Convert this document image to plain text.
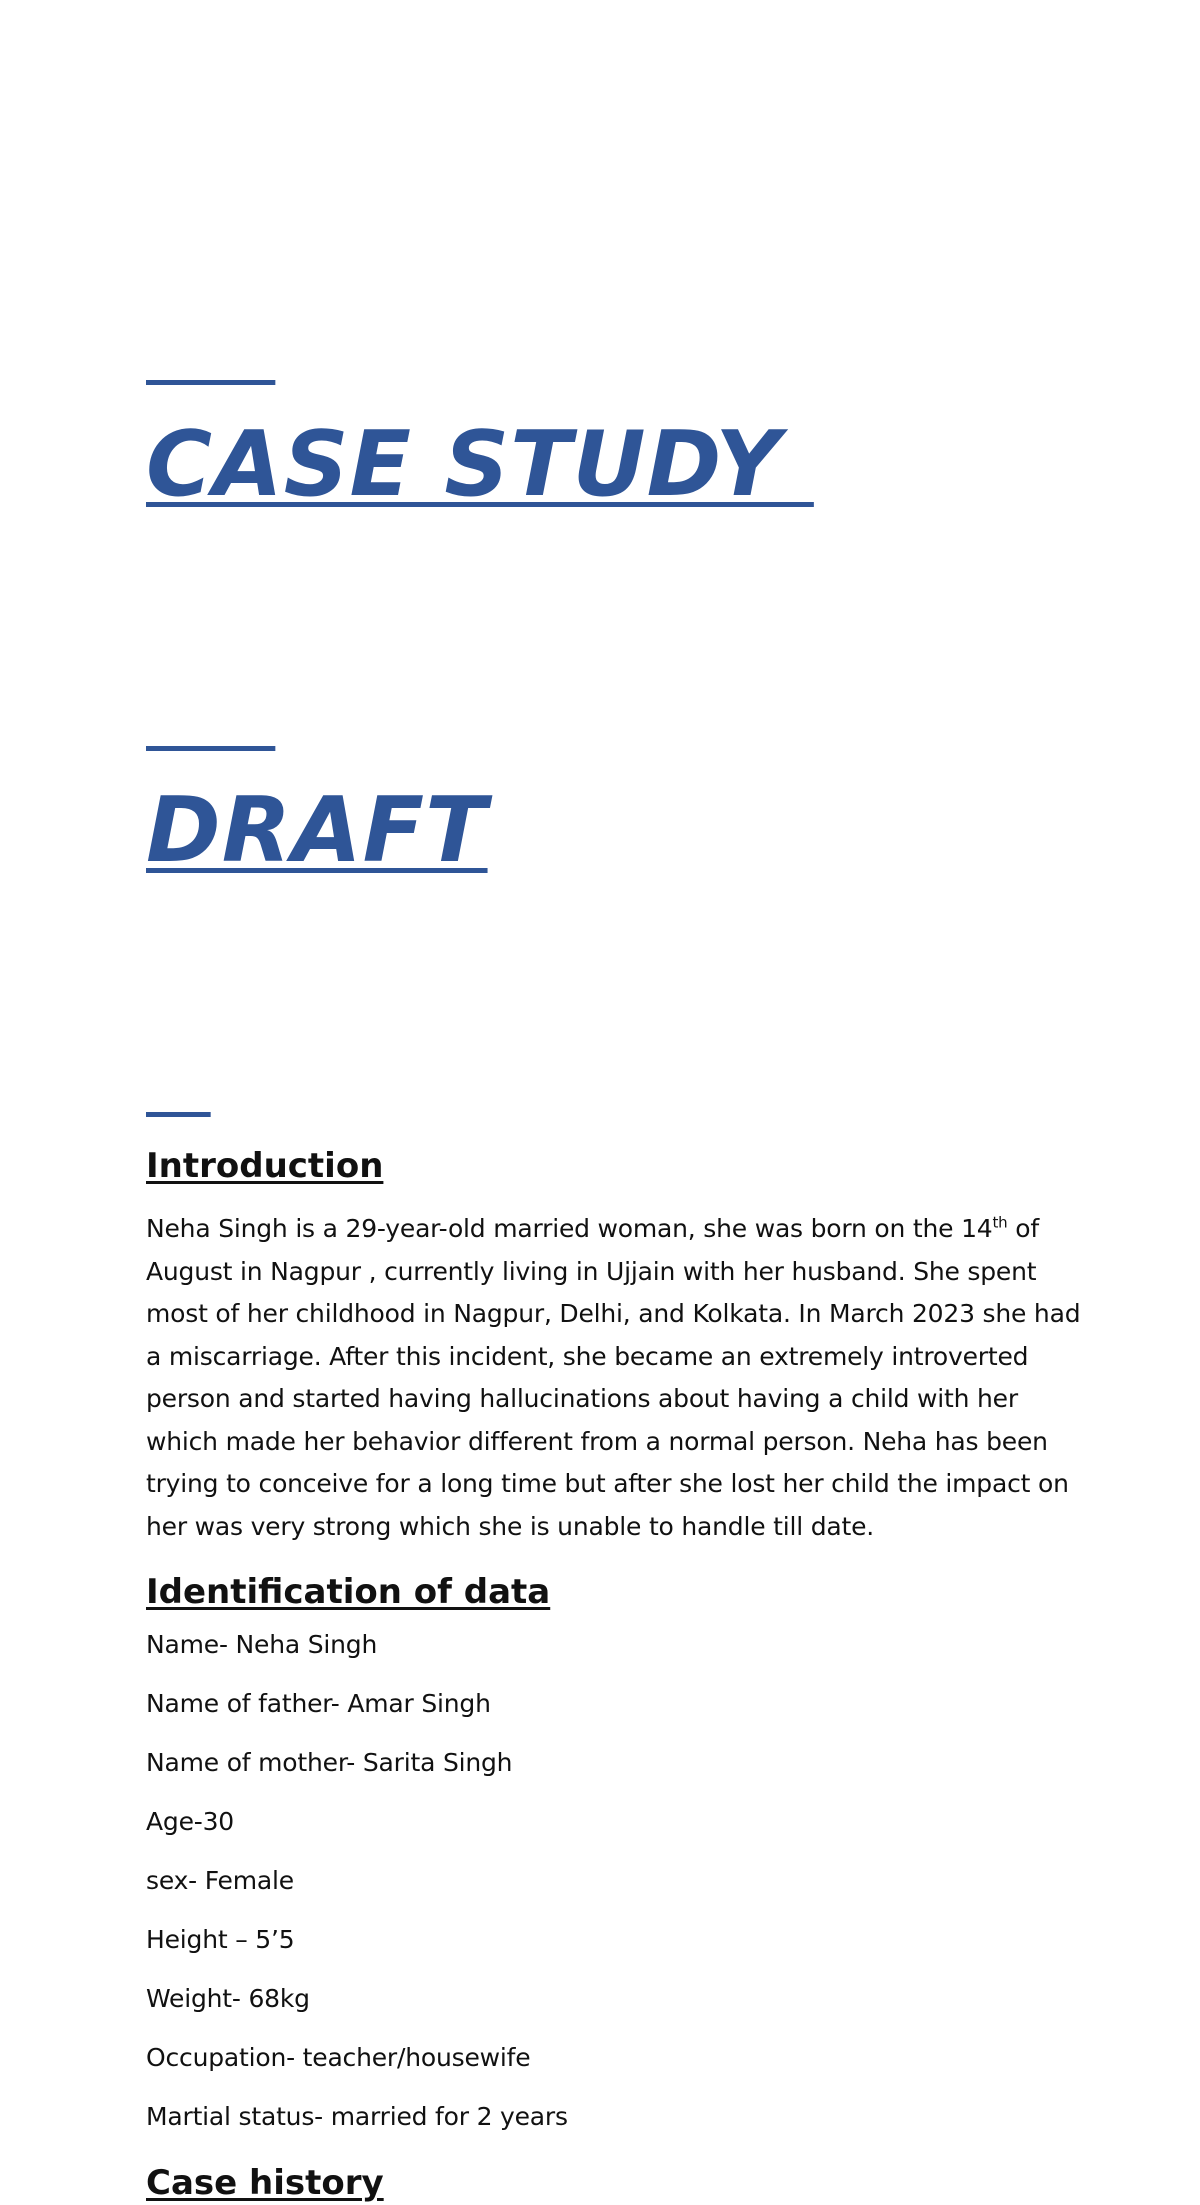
CASE STUDY

DRAFT

Introduction

Neha Singh is a 29-year-old married woman, she was born on the 14th of August in Nagpur , currently living in Ujjain with her husband. She spent most of her childhood in Nagpur, Delhi, and Kolkata. In March 2023 she had a miscarriage. After this incident, she became an extremely introverted person and started having hallucinations about having a child with her which made her behavior different from a normal person. Neha has been trying to conceive for a long time but after she lost her child the impact on her was very strong which she is unable to handle till date.

Identification of data
Name- Neha Singh
Name of father- Amar Singh
Name of mother- Sarita Singh
Age-30
sex- Female
Height – 5’5
Weight- 68kg
Occupation- teacher/housewife
Martial status- married for 2 years
Case history
